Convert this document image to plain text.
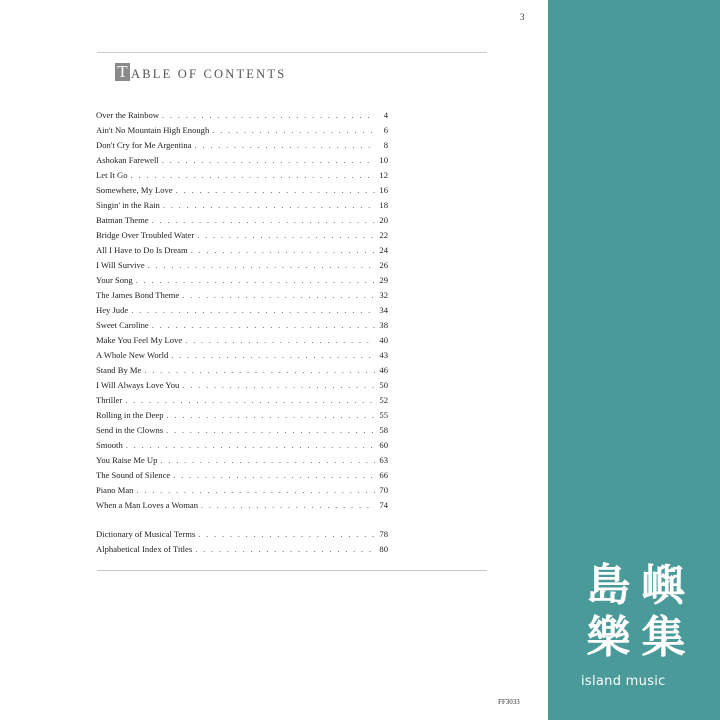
3
T ABLE OF CONTENTS
Over the Rainbow . . .	4
Ain't No Mountain High Enough . . .	6
Don't Cry for Me Argentina . . .	8
Ashokan Farewell . . .	10
Let It Go . . .	12
Somewhere, My Love . . .	16
Singin' in the Rain . . .	18
Batman Theme . . .	20
Bridge Over Troubled Water . . .	22
All I Have to Do Is Dream . . .	24
I Will Survive . . .	26
Your Song . . .	29
The James Bond Theme . . .	32
Hey Jude . . .	34
Sweet Caroline . . .	38
Make You Feel My Love . . .	40
A Whole New World . . .	43
Stand By Me . . .	46
I Will Always Love You . . .	50
Thriller . . .	52
Rolling in the Deep . . .	55
Send in the Clowns . . .	58
Smooth . . .	60
You Raise Me Up . . .	63
The Sound of Silence . . .	66
Piano Man . . .	70
When a Man Loves a Woman . . .	74
Dictionary of Musical Terms . . .	78
Alphabetical Index of Titles . . .	80
FF3033
島 嶼
樂 集
island music
